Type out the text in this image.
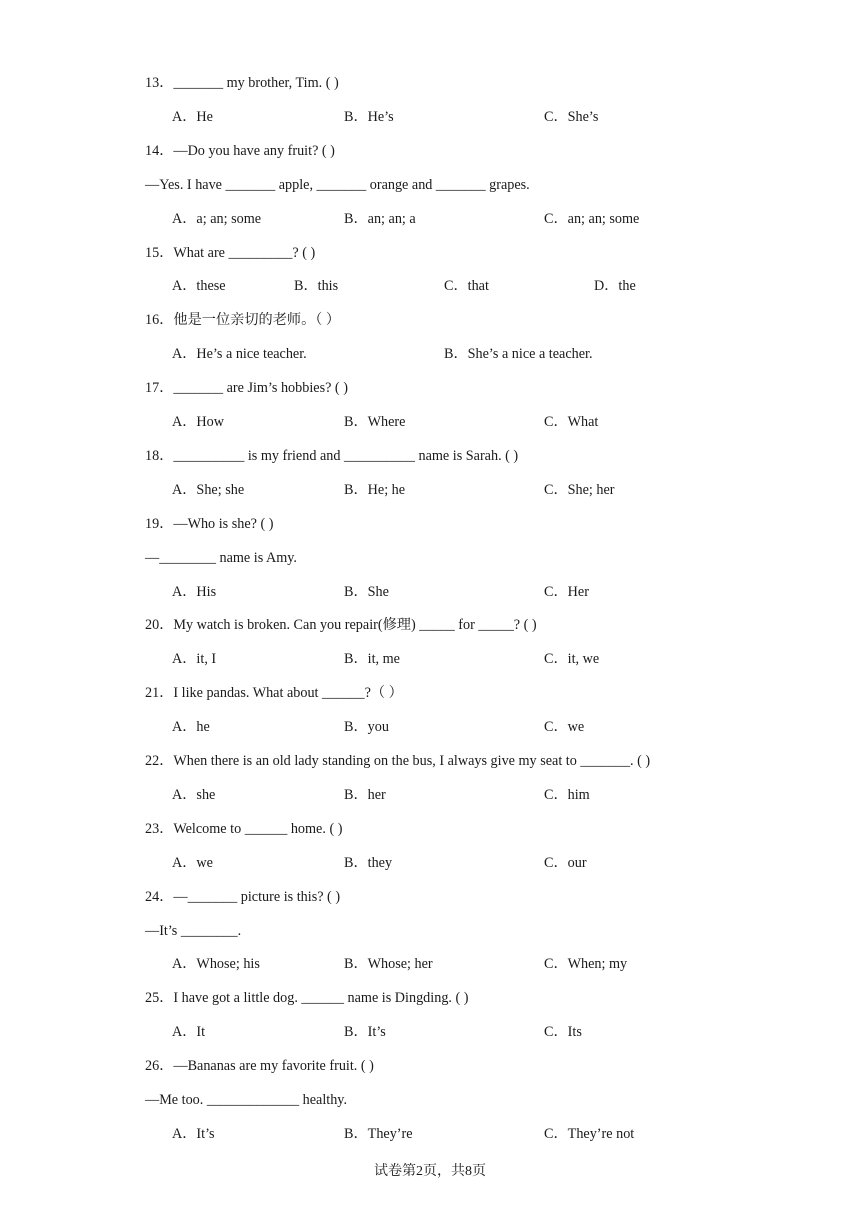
13．_______ my brother, Tim. ( )
A．He	B．He’s	C．She’s
14．—Do you have any fruit? ( )
—Yes. I have _______ apple, _______ orange and _______ grapes.
A．a; an; some	B．an; an; a	C．an; an; some
15．What are _________? ( )
A．these	B．this	C．that	D．the
16．他是一位亲切的老师。（ ）
A．He’s a nice teacher.	B．She’s a nice a teacher.
17．_______ are Jim’s hobbies? ( )
A．How	B．Where	C．What
18．__________ is my friend and __________ name is Sarah. ( )
A．She; she	B．He; he	C．She; her
19．—Who is she? ( )
—________ name is Amy.
A．His	B．She	C．Her
20．My watch is broken. Can you repair(修理) _____ for _____? ( )
A．it, I	B．it, me	C．it, we
21．I like pandas. What about ______?（ ）
A．he	B．you	C．we
22．When there is an old lady standing on the bus, I always give my seat to _______. ( )
A．she	B．her	C．him
23．Welcome to ______ home. ( )
A．we	B．they	C．our
24．—_______ picture is this? ( )
—It’s ________.
A．Whose; his	B．Whose; her	C．When; my
25．I have got a little dog. ______ name is Dingding. ( )
A．It	B．It’s	C．Its
26．—Bananas are my favorite fruit. ( )
—Me too. _____________ healthy.
A．It’s	B．They’re	C．They’re not
试卷第2页，共8页
